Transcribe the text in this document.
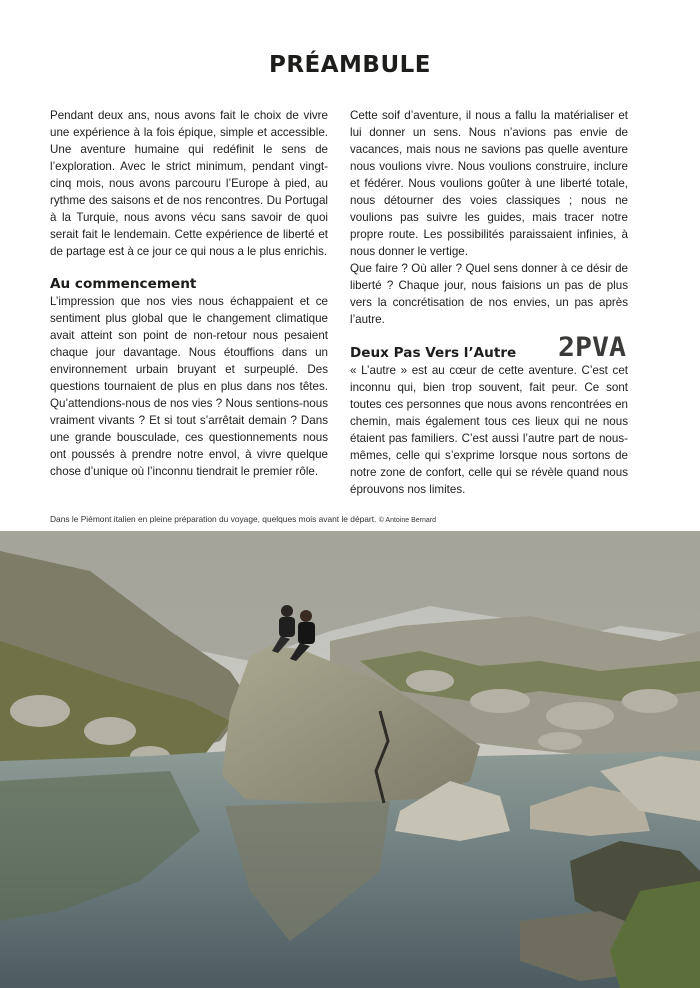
PRÉAMBULE

Pendant deux ans, nous avons fait le choix de vivre une expérience à la fois épique, simple et accessible. Une aventure humaine qui redéfinit le sens de l’exploration. Avec le strict minimum, pendant vingt-cinq mois, nous avons parcouru l’Europe à pied, au rythme des saisons et de nos rencontres. Du Portugal à la Turquie, nous avons vécu sans savoir de quoi serait fait le lendemain. Cette expérience de liberté et de partage est à ce jour ce qui nous a le plus enrichis.

Au commencement

L’impression que nos vies nous échappaient et ce sentiment plus global que le changement climatique avait atteint son point de non-retour nous pesaient chaque jour davantage. Nous étouffions dans un environnement urbain bruyant et surpeuplé. Des questions tournaient de plus en plus dans nos têtes. Qu’attendions-nous de nos vies ? Nous sentions-nous vraiment vivants ? Et si tout s’arrêtait demain ? Dans une grande bousculade, ces questionnements nous ont poussés à prendre notre envol, à vivre quelque chose d’unique où l’inconnu tiendrait le premier rôle.

Cette soif d’aventure, il nous a fallu la matérialiser et lui donner un sens. Nous n’avions pas envie de vacances, mais nous ne savions pas quelle aventure nous voulions vivre. Nous voulions construire, inclure et fédérer. Nous voulions goûter à une liberté totale, nous détourner des voies classiques ; nous ne voulions pas suivre les guides, mais tracer notre propre route. Les possibilités paraissaient infinies, à nous donner le vertige.

Que faire ? Où aller ? Quel sens donner à ce désir de liberté ? Chaque jour, nous faisions un pas de plus vers la concrétisation de nos envies, un pas après l’autre.

Deux Pas Vers l’Autre 2PVA

« L’autre » est au cœur de cette aventure. C’est cet inconnu qui, bien trop souvent, fait peur. Ce sont toutes ces personnes que nous avons rencontrées en chemin, mais également tous ces lieux qui ne nous étaient pas familiers. C’est aussi l’autre part de nous-mêmes, celle qui s’exprime lorsque nous sortons de notre zone de confort, celle qui se révèle quand nous éprouvons nos limites.

Dans le Piémont italien en pleine préparation du voyage, quelques mois avant le départ. © Antoine Bernard
